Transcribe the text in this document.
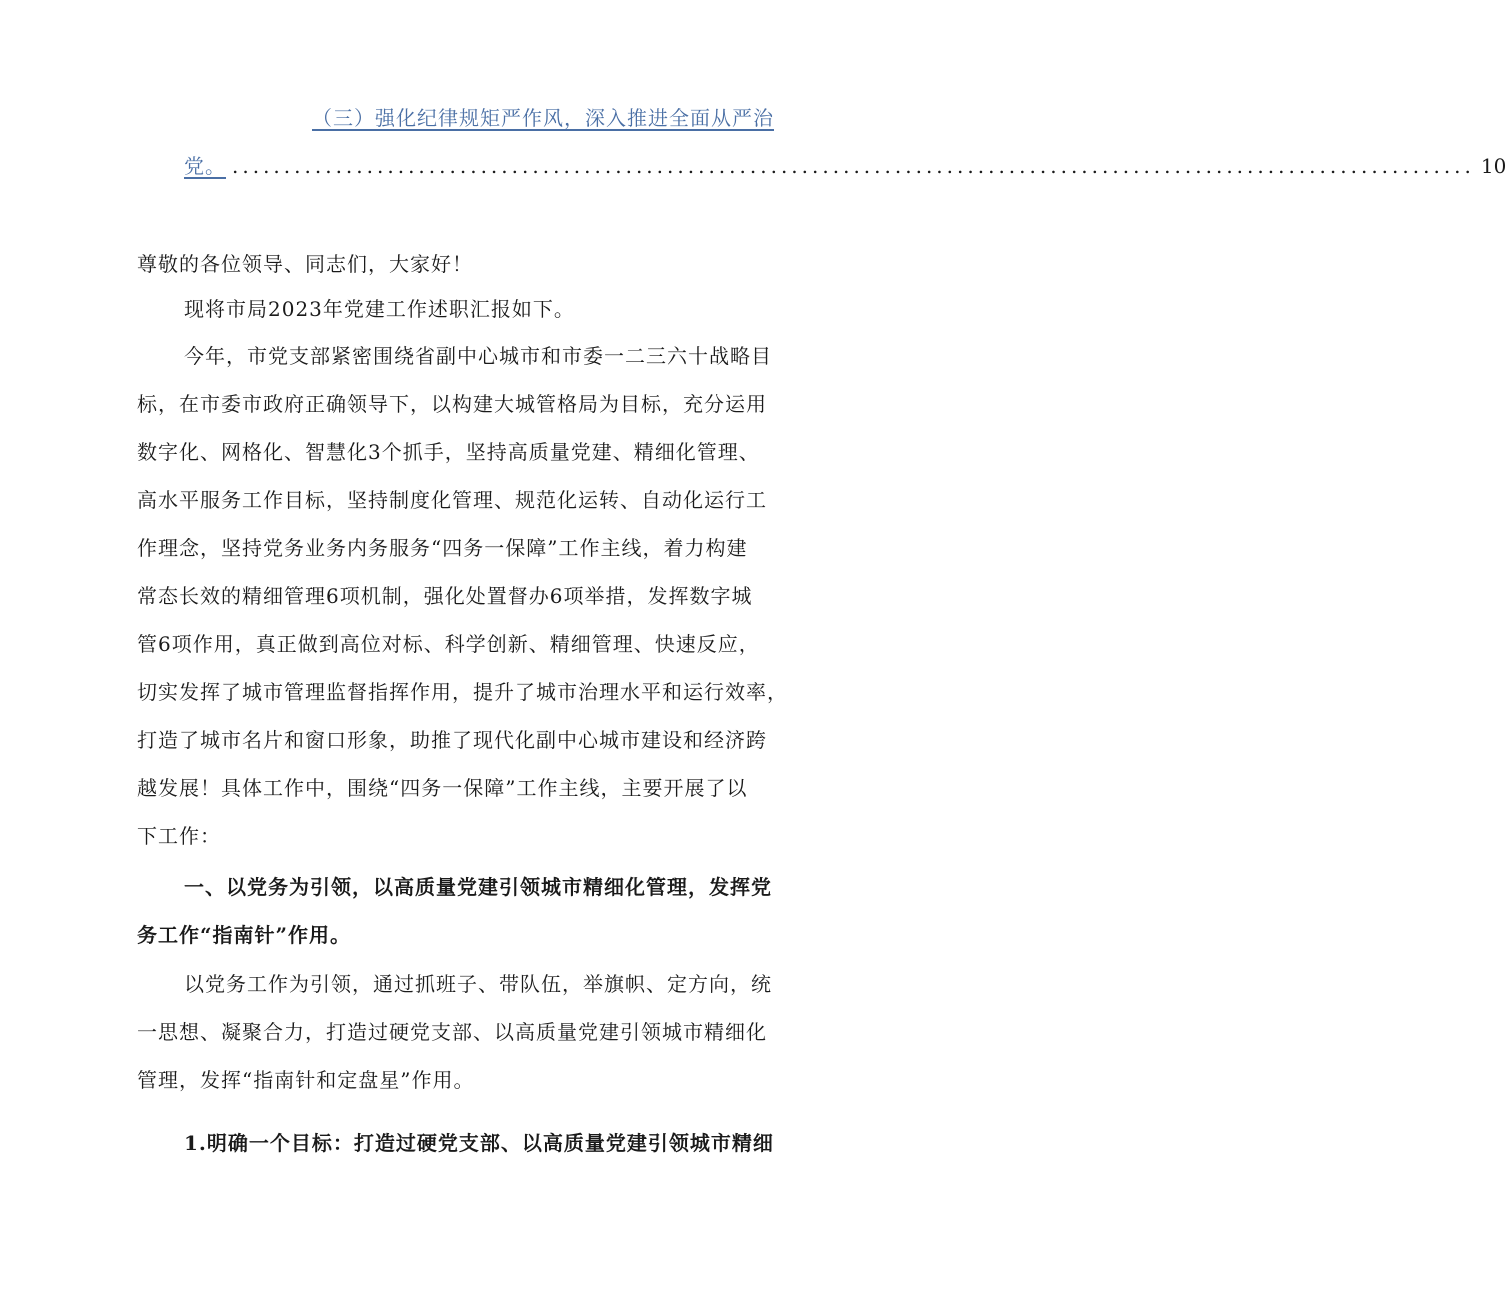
（三）强化纪律规矩严作风，深入推进全面从严治
党。 ........................................................................................................................ 10
尊敬的各位领导、同志们，大家好！
现将市局2023年党建工作述职汇报如下。
今年，市党支部紧密围绕省副中心城市和市委一二三六十战略目
标，在市委市政府正确领导下，以构建大城管格局为目标，充分运用
数字化、网格化、智慧化3个抓手，坚持高质量党建、精细化管理、
高水平服务工作目标，坚持制度化管理、规范化运转、自动化运行工
作理念，坚持党务业务内务服务“四务一保障”工作主线，着力构建
常态长效的精细管理6项机制，强化处置督办6项举措，发挥数字城
管6项作用，真正做到高位对标、科学创新、精细管理、快速反应，
切实发挥了城市管理监督指挥作用，提升了城市治理水平和运行效率，
打造了城市名片和窗口形象，助推了现代化副中心城市建设和经济跨
越发展！具体工作中，围绕“四务一保障”工作主线，主要开展了以
下工作：
一、以党务为引领，以高质量党建引领城市精细化管理，发挥党
务工作“指南针”作用。
以党务工作为引领，通过抓班子、带队伍，举旗帜、定方向，统
一思想、凝聚合力，打造过硬党支部、以高质量党建引领城市精细化
管理，发挥“指南针和定盘星”作用。
1.明确一个目标：打造过硬党支部、以高质量党建引领城市精细
